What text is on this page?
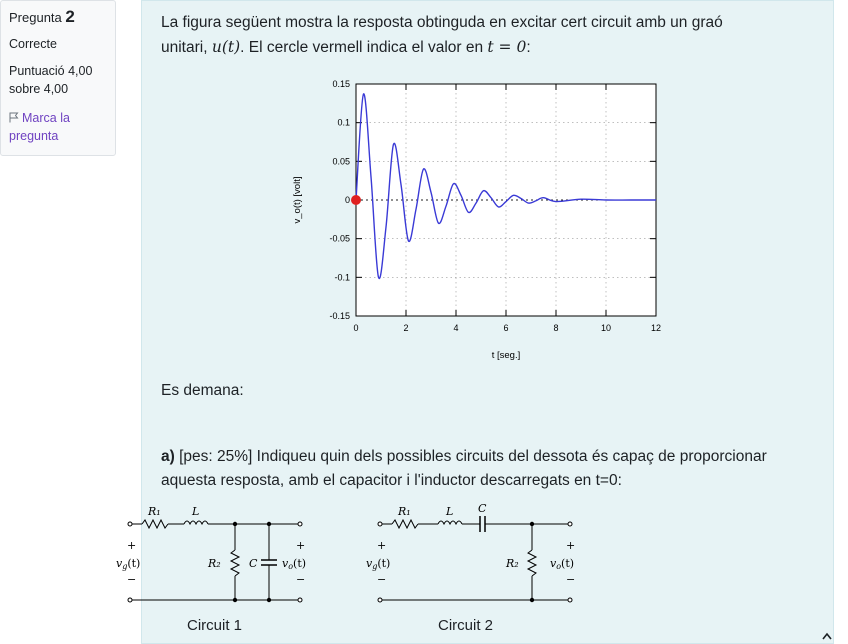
Pregunta 2
Correcte
Puntuació 4,00
sobre 4,00
Marca la
pregunta
La figura següent mostra la resposta obtinguda en excitar cert circuit amb un graó
unitari, u(t). El cercle vermell indica el valor en t = 0:
0	2	4	6	8	10	12
0.15
0.1
0.05
0
-0.05
-0.1
-0.15
t [seg.]
v_o(t) [volt]
Es demana:
a) [pes: 25%] Indiqueu quin dels possibles circuits del dessota és capaç de proporcionar
aquesta resposta, amb el capacitor i l'inductor descarregats en t=0:
R₁	L
R₂	C
+
vg(t)
−
+
vo(t)
−
R₁	L C
R₂
+
vg(t)
−
+
vo(t)
−
Circuit 1	Circuit 2
